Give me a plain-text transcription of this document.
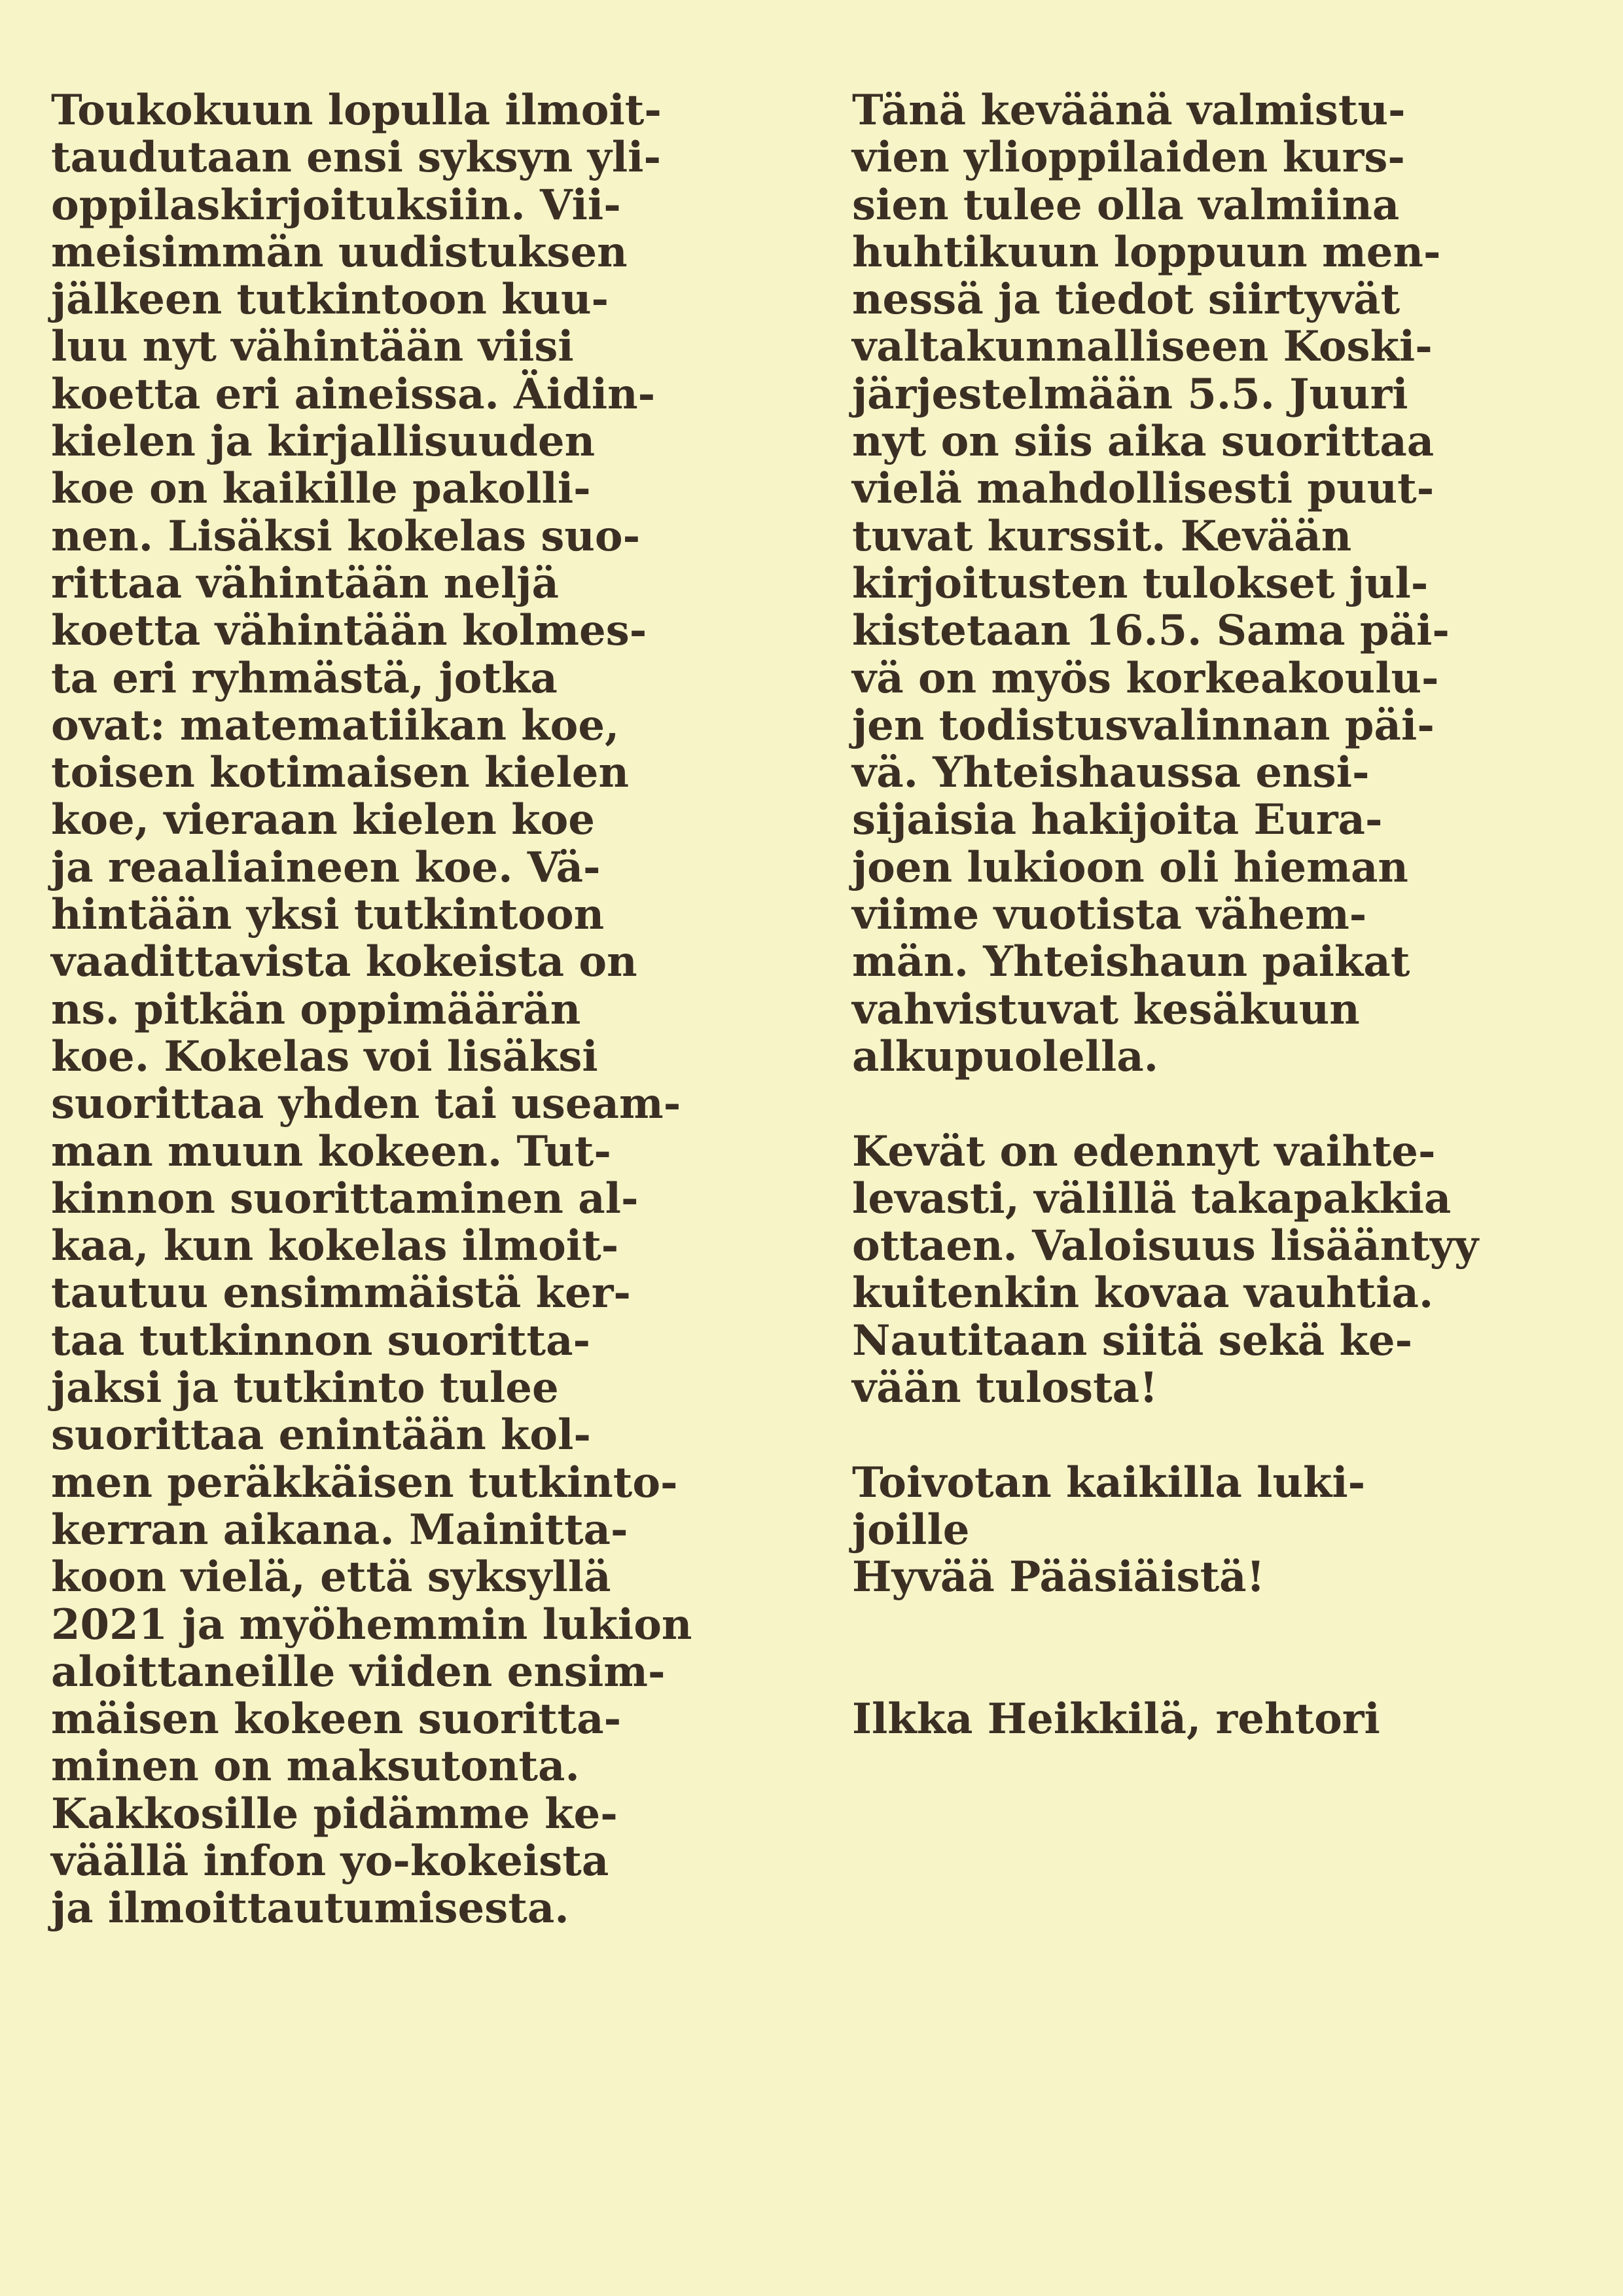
Toukokuun lopulla ilmoit-
taudutaan ensi syksyn yli-
oppilaskirjoituksiin. Vii-
meisimmän uudistuksen
jälkeen tutkintoon kuu-
luu nyt vähintään viisi
koetta eri aineissa. Äidin-
kielen ja kirjallisuuden
koe on kaikille pakolli-
nen. Lisäksi kokelas suo-
rittaa vähintään neljä
koetta vähintään kolmes-
ta eri ryhmästä, jotka
ovat: matematiikan koe,
toisen kotimaisen kielen
koe, vieraan kielen koe
ja reaaliaineen koe. Vä-
hintään yksi tutkintoon
vaadittavista kokeista on
ns. pitkän oppimäärän
koe. Kokelas voi lisäksi
suorittaa yhden tai useam-
man muun kokeen. Tut-
kinnon suorittaminen al-
kaa, kun kokelas ilmoit-
tautuu ensimmäistä ker-
taa tutkinnon suoritta-
jaksi ja tutkinto tulee
suorittaa enintään kol-
men peräkkäisen tutkinto-
kerran aikana. Mainitta-
koon vielä, että syksyllä
2021 ja myöhemmin lukion
aloittaneille viiden ensim-
mäisen kokeen suoritta-
minen on maksutonta.
Kakkosille pidämme ke-
väällä infon yo-kokeista
ja ilmoittautumisesta.
Tänä keväänä valmistu-
vien ylioppilaiden kurs-
sien tulee olla valmiina
huhtikuun loppuun men-
nessä ja tiedot siirtyvät
valtakunnalliseen Koski-
järjestelmään 5.5. Juuri
nyt on siis aika suorittaa
vielä mahdollisesti puut-
tuvat kurssit. Kevään
kirjoitusten tulokset jul-
kistetaan 16.5. Sama päi-
vä on myös korkeakoulu-
jen todistusvalinnan päi-
vä. Yhteishaussa ensi-
sijaisia hakijoita Eura-
joen lukioon oli hieman
viime vuotista vähem-
män. Yhteishaun paikat
vahvistuvat kesäkuun
alkupuolella.
Kevät on edennyt vaihte-
levasti, välillä takapakkia
ottaen. Valoisuus lisääntyy
kuitenkin kovaa vauhtia.
Nautitaan siitä sekä ke-
vään tulosta!
Toivotan kaikilla luki-
joille
Hyvää Pääsiäistä!
Ilkka Heikkilä, rehtori
